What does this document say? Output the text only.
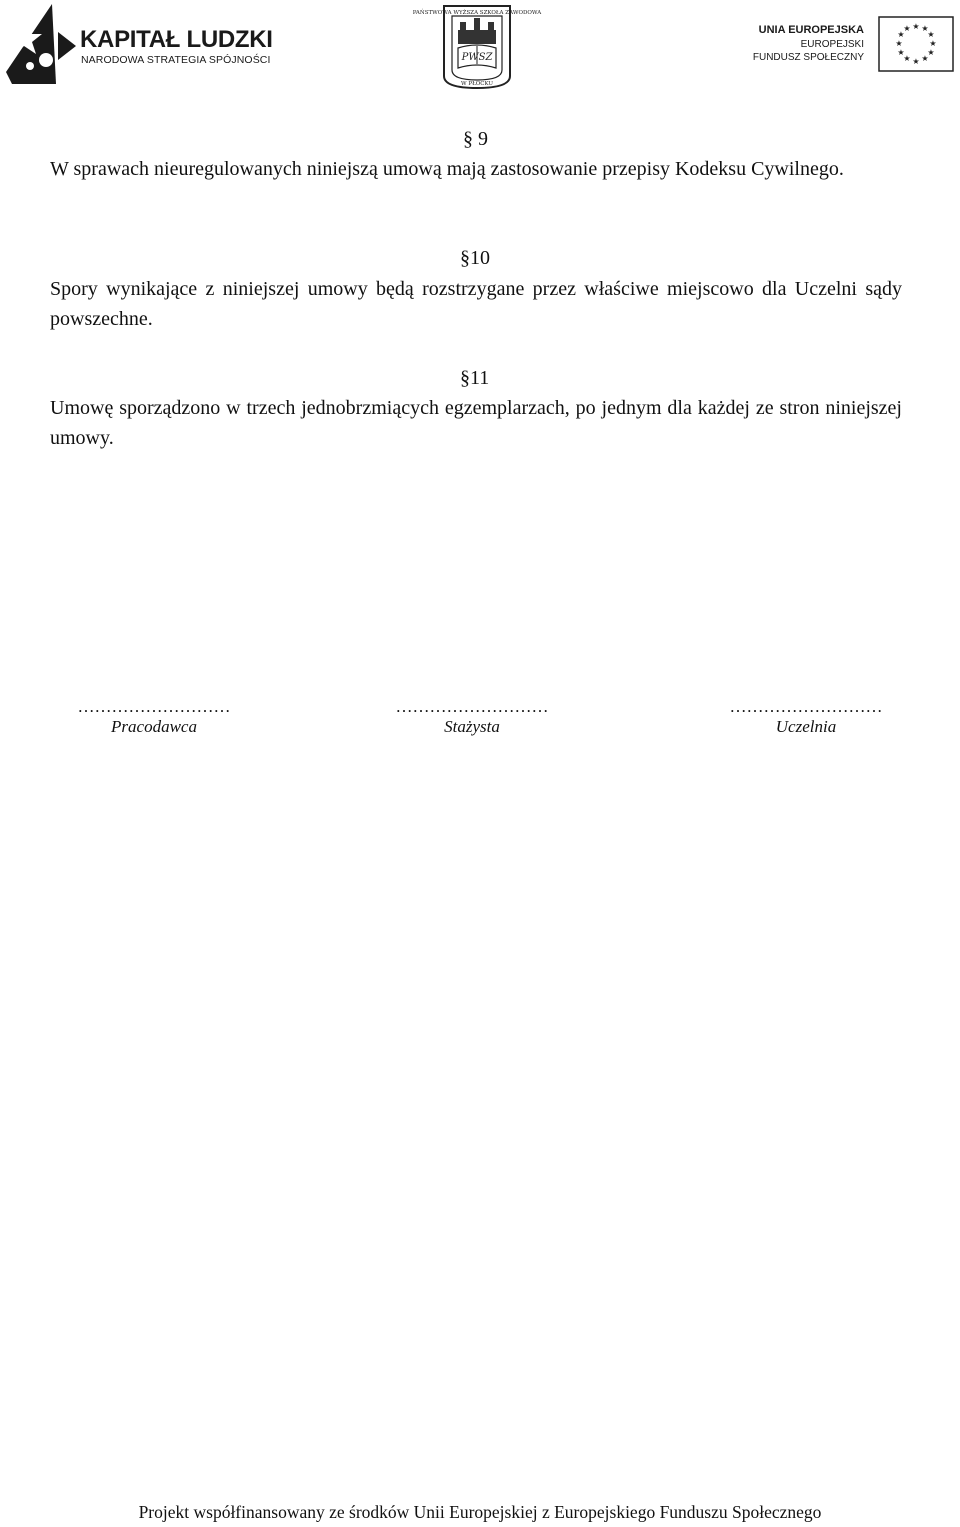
KAPITAŁ LUDZKI
NARODOWA STRATEGIA SPÓJNOŚCI
PAŃSTWOWA WYŻSZA SZKOŁA ZAWODOWA
PWSZ
W PŁOCKU
UNIA EUROPEJSKA
EUROPEJSKI
FUNDUSZ SPOŁECZNY
★ ★
★
★
★
★
★
★
★
★
★
★
§ 9
W sprawach nieuregulowanych niniejszą umową mają zastosowanie przepisy Kodeksu Cywilnego.
§10
Spory wynikające z niniejszej umowy będą rozstrzygane przez właściwe miejscowo dla Uczelni sądy powszechne.
§11
Umowę sporządzono w trzech jednobrzmiących egzemplarzach, po jednym dla każdej ze stron niniejszej umowy.
………………………
Pracodawca
………………………
Stażysta
………………………
Uczelnia
Projekt współfinansowany ze środków Unii Europejskiej z Europejskiego Funduszu Społecznego
